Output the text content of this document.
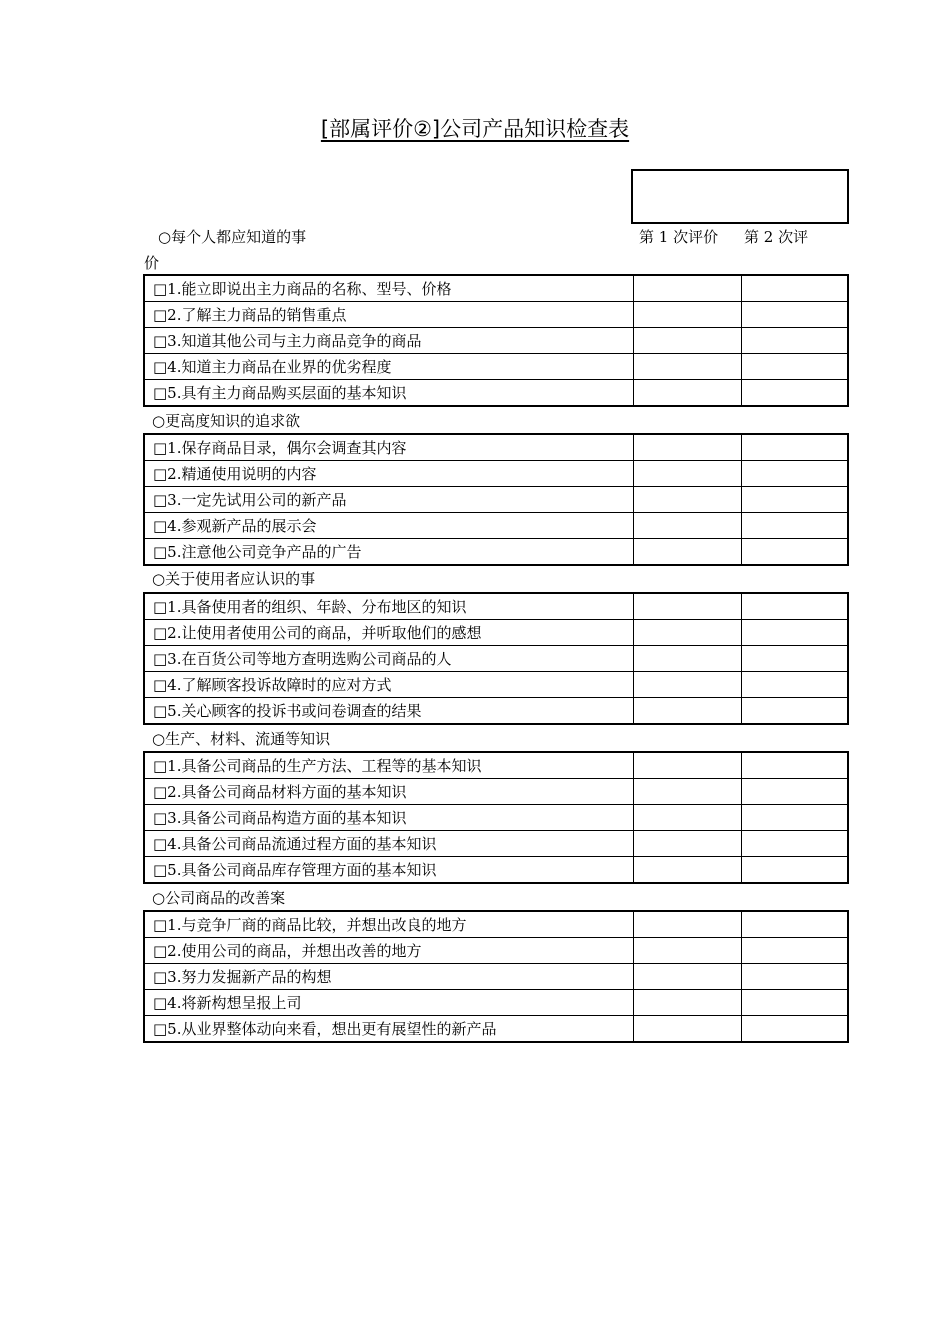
[部属评价②]公司产品知识检查表
○每个人都应知道的事
价
第 1 次评价 第 2 次评
□1.能立即说出主力商品的名称、型号、价格		
□2.了解主力商品的销售重点		
□3.知道其他公司与主力商品竞争的商品		
□4.知道主力商品在业界的优劣程度		
□5.具有主力商品购买层面的基本知识		
○更高度知识的追求欲
□1.保存商品目录，偶尔会调查其内容		
□2.精通使用说明的内容		
□3.一定先试用公司的新产品		
□4.参观新产品的展示会		
□5.注意他公司竞争产品的广告		
○关于使用者应认识的事
□1.具备使用者的组织、年龄、分布地区的知识		
□2.让使用者使用公司的商品，并听取他们的感想		
□3.在百货公司等地方查明选购公司商品的人		
□4.了解顾客投诉故障时的应对方式		
□5.关心顾客的投诉书或问卷调查的结果		
○生产、材料、流通等知识
□1.具备公司商品的生产方法、工程等的基本知识		
□2.具备公司商品材料方面的基本知识		
□3.具备公司商品构造方面的基本知识		
□4.具备公司商品流通过程方面的基本知识		
□5.具备公司商品库存管理方面的基本知识		
○公司商品的改善案
□1.与竞争厂商的商品比较，并想出改良的地方		
□2.使用公司的商品，并想出改善的地方		
□3.努力发掘新产品的构想		
□4.将新构想呈报上司		
□5.从业界整体动向来看，想出更有展望性的新产品		
